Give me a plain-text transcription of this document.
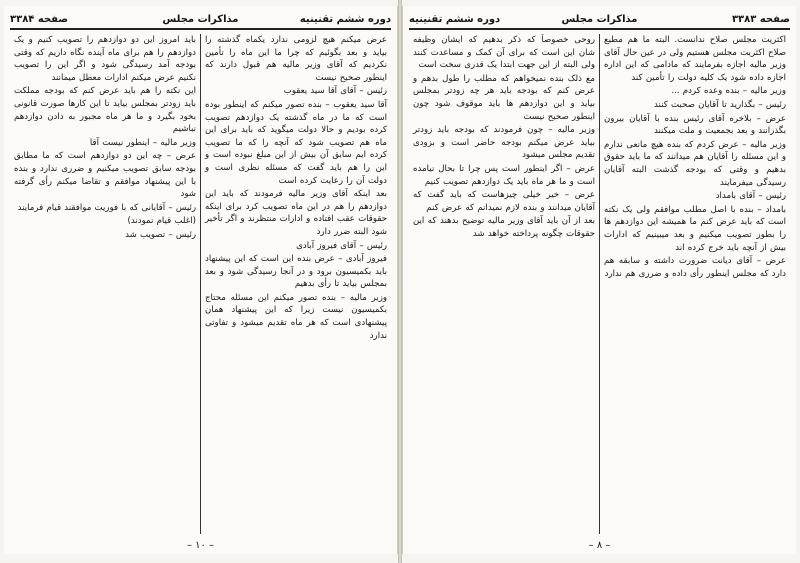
دوره ششم تقنینیه
مذاکرات مجلس
صفحه ۳۳۸۴

عرض میکنم هیچ لزومی ندارد یکماه گذشته را بیاید و بعد بگوئیم که چرا ما این ماه را تأمین نکردیم که آقای وزیر مالیه هم قبول دارند که اینطور صحیح نیست

رئیس – آقای آقا سید یعقوب

آقا سید یعقوب – بنده تصور میکنم که اینطور بوده است که ما در ماه گذشته یک دوازدهم تصویب کرده بودیم و حالا دولت میگوید که باید برای این ماه هم تصویب شود که آنچه را که ما تصویب کرده ایم سابق آن بیش از این مبلغ نبوده است و این را هم باید گفت که مسئله نظری است و دولت آن را رعایت کرده است

بعد اینکه آقای وزیر مالیه فرمودند که باید این دوازدهم را هم در این ماه تصویب کرد برای اینکه حقوقات عقب افتاده و ادارات منتظرند و اگر تأخیر شود البته ضرر دارد

رئیس – آقای فیروز آبادی

فیروز آبادی – عرض بنده این است که این پیشنهاد باید بکمیسیون برود و در آنجا رسیدگی شود و بعد بمجلس بیاید تا رأی بدهیم

وزیر مالیه – بنده تصور میکنم این مسئله محتاج بکمیسیون نیست زیرا که این پیشنهاد همان پیشنهادی است که هر ماه تقدیم میشود و تفاوتی ندارد

باید امروز این دو دوازدهم را تصویب کنیم و یک دوازدهم را هم برای ماه آینده نگاه داریم که وقتی بودجه آمد رسیدگی شود و اگر این را تصویب نکنیم عرض میکنم ادارات معطل میمانند

این نکته را هم باید عرض کنم که بودجه مملکت باید زودتر بمجلس بیاید تا این کارها صورت قانونی بخود بگیرد و ما هر ماه مجبور به دادن دوازدهم نباشیم

وزیر مالیه – اینطور نیست آقا

عرض – چه این دو دوازدهم است که ما مطابق بودجه سابق تصویب میکنیم و ضرری ندارد و بنده با این پیشنهاد موافقم و تقاضا میکنم رأی گرفته شود

رئیس – آقایانی که با فوریت موافقند قیام فرمایند

(اغلب قیام نمودند)

رئیس – تصویب شد

– ۱۰ –
صفحه ۳۳۸۳
مذاکرات مجلس
دوره ششم تقنینیه

اکثریت مجلس صلاح ندانست. البته ما هم مطیع صلاح اکثریت مجلس هستیم ولی در عین حال آقای وزیر مالیه اجازه بفرمایند که مادامی که این اداره اجازه داده شود یک کلیه دولت را تأمین کند

وزیر مالیه – بنده وعده کردم ...

رئیس – بگذارید تا آقایان صحبت کنند

عرض – بلاخره آقای رئیس بنده با آقایان بیرون بگذرانند و بعد بجمعیت و ملت میکنند

وزیر مالیه – عرض کردم که بنده هیچ مانعی ندارم و این مسئله را آقایان هم میدانند که ما باید حقوق بدهیم و وقتی که بودجه گذشت البته آقایان رسیدگی میفرمایند

رئیس – آقای بامداد

بامداد – بنده با اصل مطلب موافقم ولی یک نکته است که باید عرض کنم ما همیشه این دوازدهم ها را بطور تصویب میکنیم و بعد میبینیم که ادارات بیش از آنچه باید خرج کرده اند

عرض – آقای دیانت ضرورت داشته و سابقه هم دارد که مجلس اینطور رأی داده و ضرری هم ندارد

روحی خصوصاً که ذکر بدهیم که ایشان وظیفه شان این است که برای آن کمک و مساعدت کنند ولی البته از این جهت ابتدا یک قدری سخت است

مع ذلک بنده نمیخواهم که مطلب را طول بدهم و عرض کنم که بودجه باید هر چه زودتر بمجلس بیاید و این دوازدهم ها باید موقوف شود چون اینطور صحیح نیست

وزیر مالیه – چون فرمودند که بودجه باید زودتر بیاید عرض میکنم بودجه حاضر است و بزودی تقدیم مجلس میشود

عرض – اگر اینطور است پس چرا تا بحال نیامده است و ما هر ماه باید یک دوازدهم تصویب کنیم

عرض – خیر خیلی چیزهاست که باید گفت که آقایان میدانند و بنده لازم نمیدانم که عرض کنم

بعد از آن باید آقای وزیر مالیه توضیح بدهند که این حقوقات چگونه پرداخته خواهد شد

– ۸ –
